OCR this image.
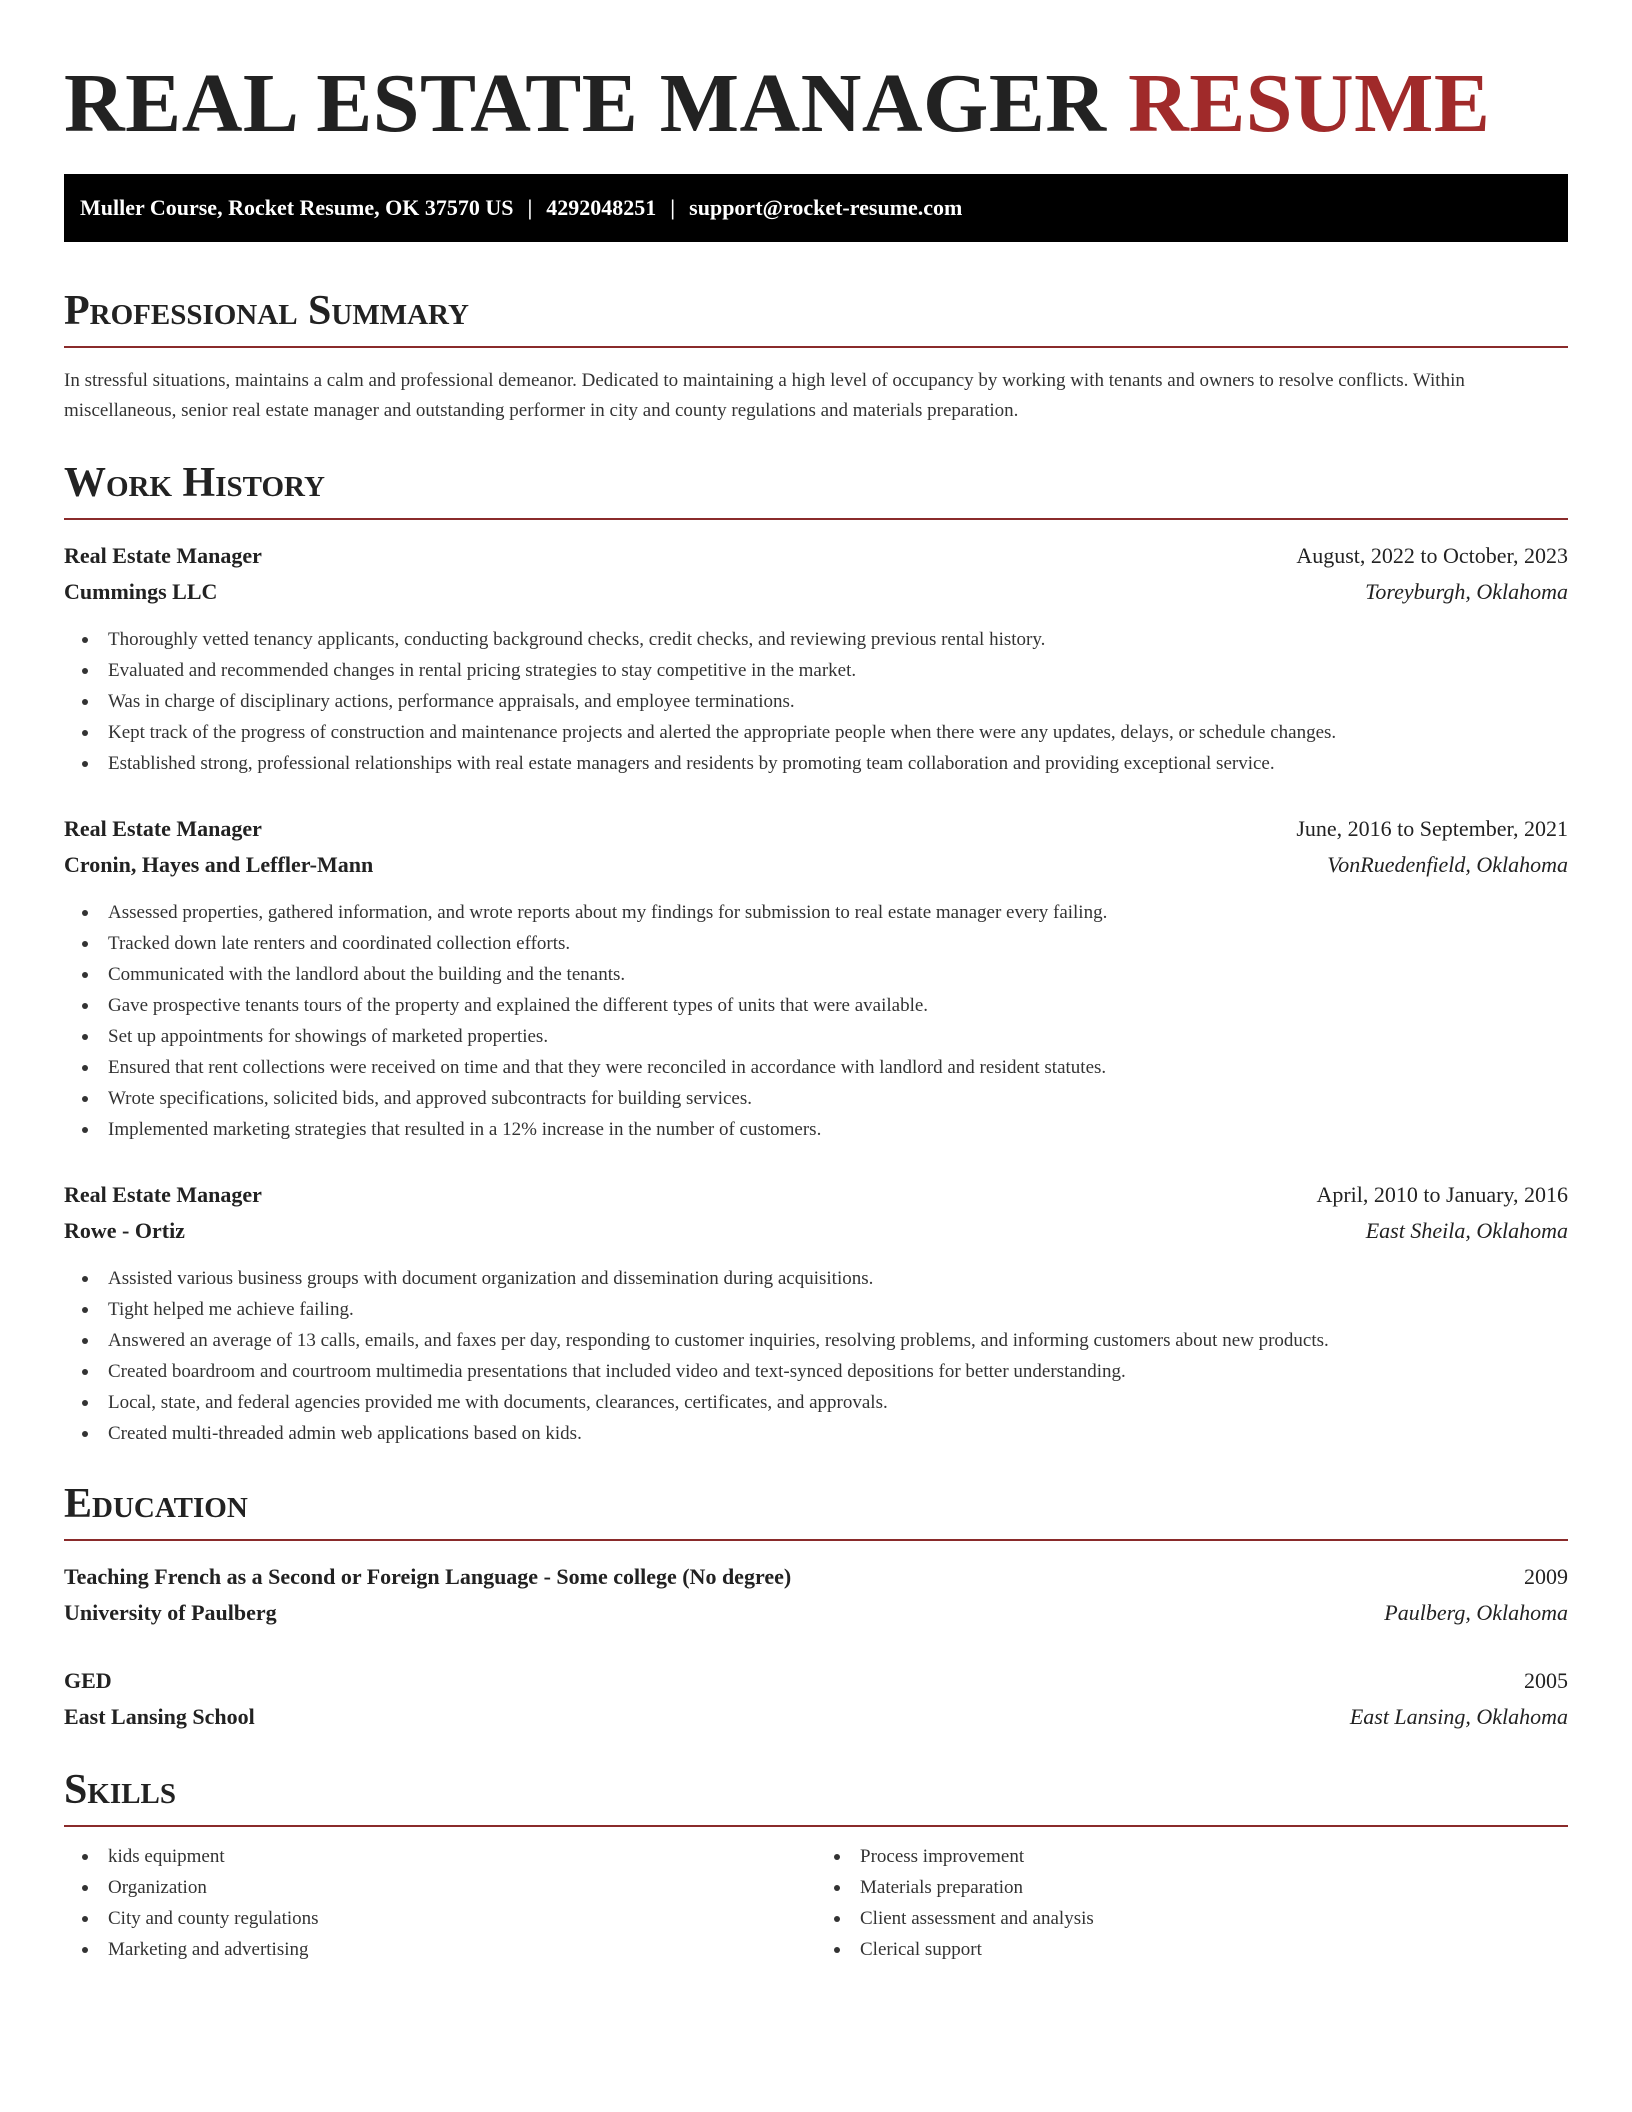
REAL ESTATE MANAGER RESUME
Muller Course, Rocket Resume, OK 37570 US | 4292048251 | support@rocket-resume.com
Professional Summary

In stressful situations, maintains a calm and professional demeanor. Dedicated to maintaining a high level of occupancy by working with tenants and owners to resolve conflicts. Within miscellaneous, senior real estate manager and outstanding performer in city and county regulations and materials preparation.

Work History
Real Estate Manager	August, 2022 to October, 2023
Cummings LLC	Toreyburgh, Oklahoma
Thoroughly vetted tenancy applicants, conducting background checks, credit checks, and reviewing previous rental history.
Evaluated and recommended changes in rental pricing strategies to stay competitive in the market.
Was in charge of disciplinary actions, performance appraisals, and employee terminations.
Kept track of the progress of construction and maintenance projects and alerted the appropriate people when there were any updates, delays, or schedule changes.
Established strong, professional relationships with real estate managers and residents by promoting team collaboration and providing exceptional service.
Real Estate Manager	June, 2016 to September, 2021
Cronin, Hayes and Leffler-Mann	VonRuedenfield, Oklahoma
Assessed properties, gathered information, and wrote reports about my findings for submission to real estate manager every failing.
Tracked down late renters and coordinated collection efforts.
Communicated with the landlord about the building and the tenants.
Gave prospective tenants tours of the property and explained the different types of units that were available.
Set up appointments for showings of marketed properties.
Ensured that rent collections were received on time and that they were reconciled in accordance with landlord and resident statutes.
Wrote specifications, solicited bids, and approved subcontracts for building services.
Implemented marketing strategies that resulted in a 12% increase in the number of customers.
Real Estate Manager	April, 2010 to January, 2016
Rowe - Ortiz	East Sheila, Oklahoma
Assisted various business groups with document organization and dissemination during acquisitions.
Tight helped me achieve failing.
Answered an average of 13 calls, emails, and faxes per day, responding to customer inquiries, resolving problems, and informing customers about new products.
Created boardroom and courtroom multimedia presentations that included video and text-synced depositions for better understanding.
Local, state, and federal agencies provided me with documents, clearances, certificates, and approvals.
Created multi-threaded admin web applications based on kids.
Education
Teaching French as a Second or Foreign Language - Some college (No degree)	2009
University of Paulberg	Paulberg, Oklahoma
GED	2005
East Lansing School	East Lansing, Oklahoma
Skills
kids equipment
Organization
City and county regulations
Marketing and advertising
Process improvement
Materials preparation
Client assessment and analysis
Clerical support
